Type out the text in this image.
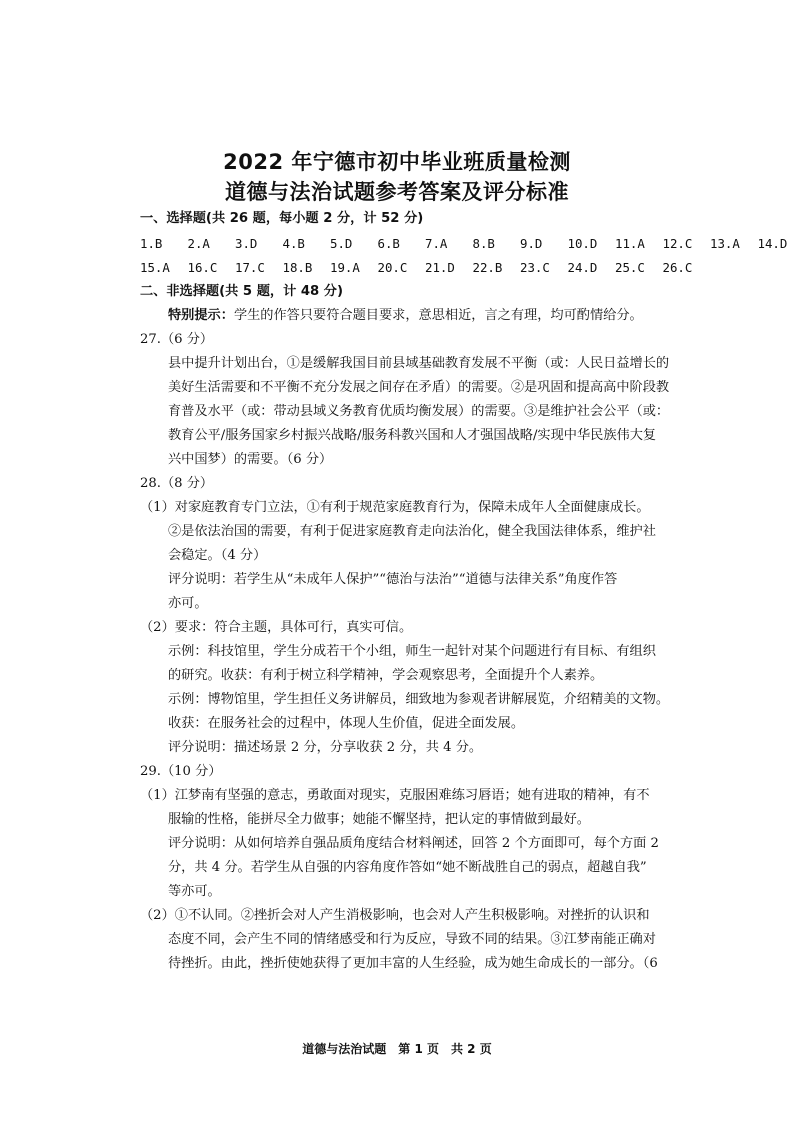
2022 年宁德市初中毕业班质量检测
道德与法治试题参考答案及评分标准
一、选择题(共 26 题，每小题 2 分，计 52 分)
1.B 2.A 3.D 4.B 5.D 6.B 7.A 8.B 9.D 10.D 11.A 12.C 13.A 14.D
15.A 16.C 17.C 18.B 19.A 20.C 21.D 22.B 23.C 24.D 25.C 26.C
二、非选择题(共 5 题，计 48 分)
特别提示：学生的作答只要符合题目要求，意思相近，言之有理，均可酌情给分。
27.（6 分）
县中提升计划出台，①是缓解我国目前县域基础教育发展不平衡（或：人民日益增长的
美好生活需要和不平衡不充分发展之间存在矛盾）的需要。②是巩固和提高高中阶段教
育普及水平（或：带动县域义务教育优质均衡发展）的需要。③是维护社会公平（或：
教育公平/服务国家乡村振兴战略/服务科教兴国和人才强国战略/实现中华民族伟大复
兴中国梦）的需要。（6 分）
28.（8 分）
（1）对家庭教育专门立法，①有利于规范家庭教育行为，保障未成年人全面健康成长。
②是依法治国的需要，有利于促进家庭教育走向法治化，健全我国法律体系，维护社
会稳定。（4 分）
评分说明：若学生从“未成年人保护”“德治与法治”“道德与法律关系”角度作答
亦可。
（2）要求：符合主题，具体可行，真实可信。
示例：科技馆里，学生分成若干个小组，师生一起针对某个问题进行有目标、有组织
的研究。收获：有利于树立科学精神，学会观察思考，全面提升个人素养。
示例：博物馆里，学生担任义务讲解员，细致地为参观者讲解展览，介绍精美的文物。
收获：在服务社会的过程中，体现人生价值，促进全面发展。
评分说明：描述场景 2 分，分享收获 2 分，共 4 分。
29.（10 分）
（1）江梦南有坚强的意志，勇敢面对现实，克服困难练习唇语；她有进取的精神，有不
服输的性格，能拼尽全力做事；她能不懈坚持，把认定的事情做到最好。
评分说明：从如何培养自强品质角度结合材料阐述，回答 2 个方面即可，每个方面 2
分，共 4 分。若学生从自强的内容角度作答如“她不断战胜自己的弱点，超越自我”
等亦可。
（2）①不认同。②挫折会对人产生消极影响，也会对人产生积极影响。对挫折的认识和
态度不同，会产生不同的情绪感受和行为反应，导致不同的结果。③江梦南能正确对
待挫折。由此，挫折使她获得了更加丰富的人生经验，成为她生命成长的一部分。（6
道德与法治试题　第 1 页　共 2 页
